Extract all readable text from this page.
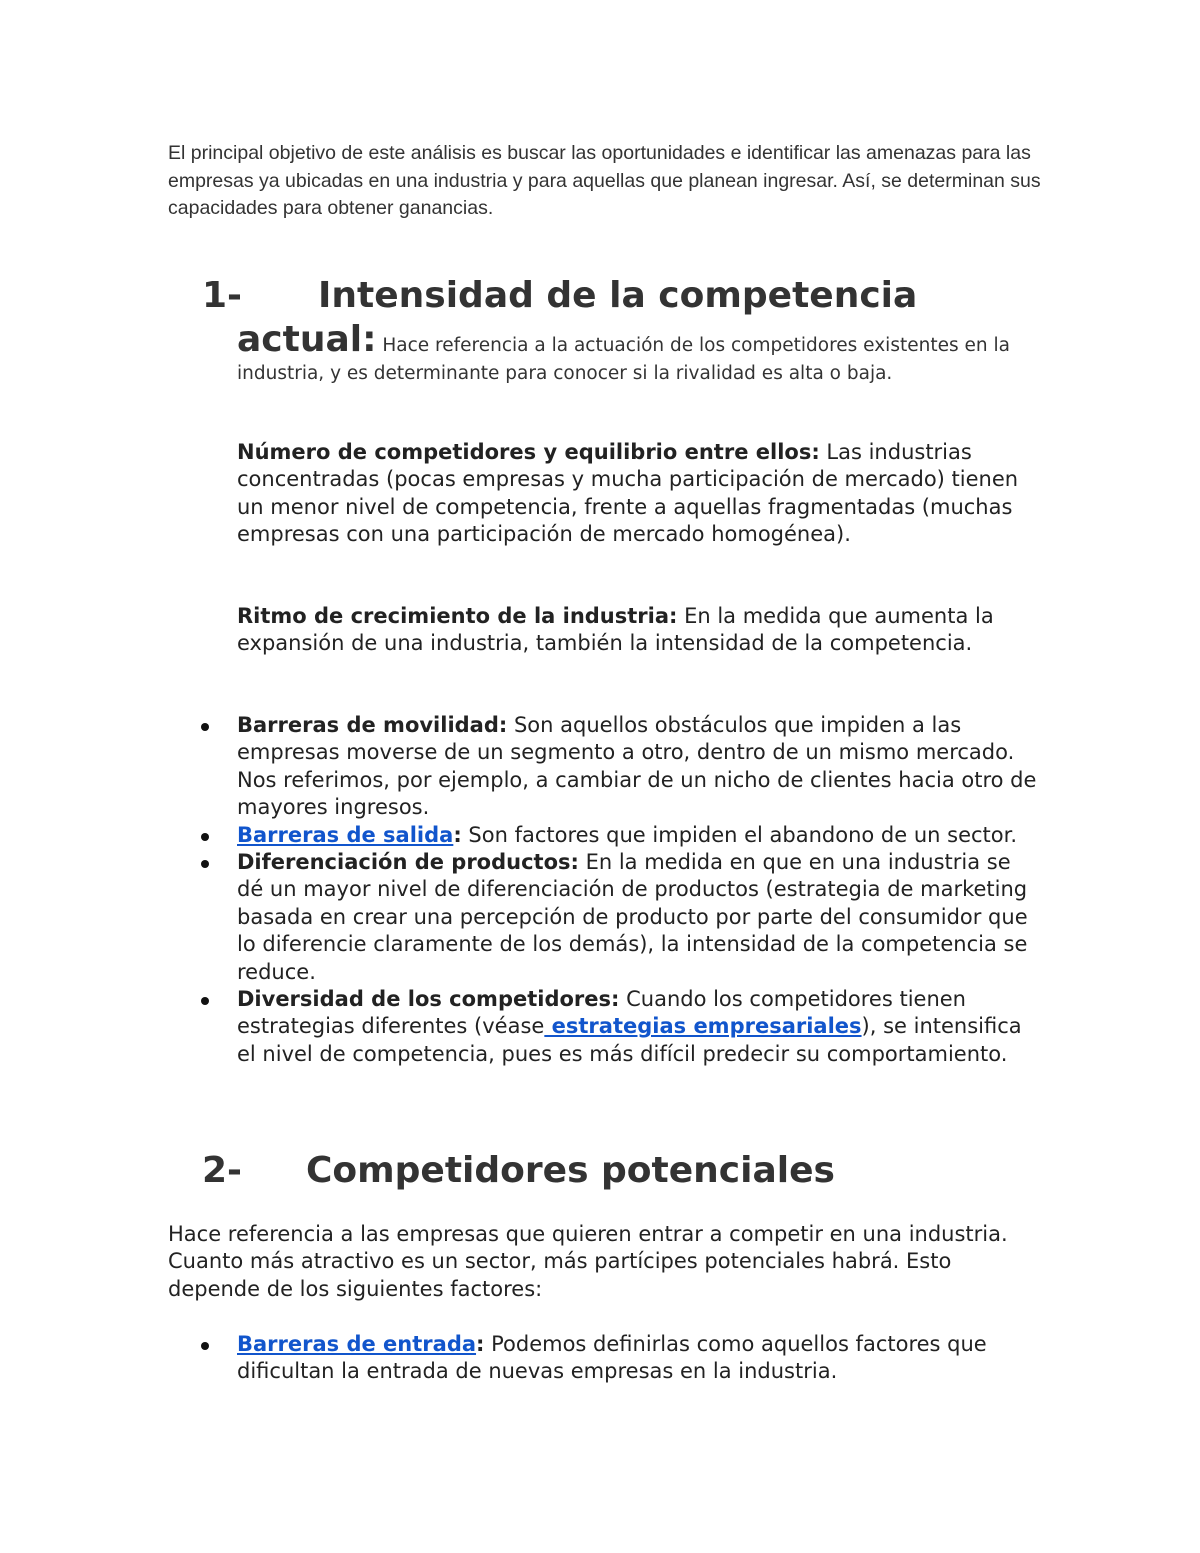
El principal objetivo de este análisis es buscar las oportunidades e identificar las amenazas para las empresas ya ubicadas en una industria y para aquellas que planean ingresar. Así, se determinan sus capacidades para obtener ganancias.

1- Intensidad de la competencia

actual: Hace referencia a la actuación de los competidores existentes en la industria, y es determinante para conocer si la rivalidad es alta o baja.

Número de competidores y equilibrio entre ellos: Las industrias concentradas (pocas empresas y mucha participación de mercado) tienen un menor nivel de competencia, frente a aquellas fragmentadas (muchas empresas con una participación de mercado homogénea).

Ritmo de crecimiento de la industria: En la medida que aumenta la expansión de una industria, también la intensidad de la competencia.

Barreras de movilidad: Son aquellos obstáculos que impiden a las empresas moverse de un segmento a otro, dentro de un mismo mercado. Nos referimos, por ejemplo, a cambiar de un nicho de clientes hacia otro de mayores ingresos.
Barreras de salida: Son factores que impiden el abandono de un sector.
Diferenciación de productos: En la medida en que en una industria se dé un mayor nivel de diferenciación de productos (estrategia de marketing basada en crear una percepción de producto por parte del consumidor que lo diferencie claramente de los demás), la intensidad de la competencia se reduce.
Diversidad de los competidores: Cuando los competidores tienen estrategias diferentes (véase estrategias empresariales), se intensifica el nivel de competencia, pues es más difícil predecir su comportamiento.
2- Competidores potenciales

Hace referencia a las empresas que quieren entrar a competir en una industria. Cuanto más atractivo es un sector, más partícipes potenciales habrá. Esto depende de los siguientes factores:

Barreras de entrada: Podemos definirlas como aquellos factores que dificultan la entrada de nuevas empresas en la industria.
